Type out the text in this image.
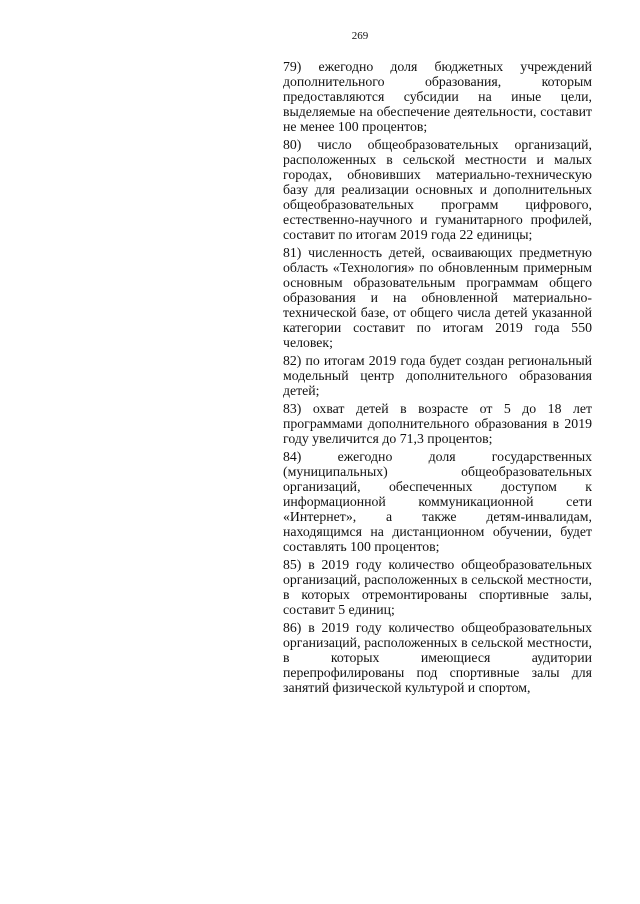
269

79) ежегодно доля бюджетных учреждений дополнительного образования, которым предоставляются субсидии на иные цели, выделяемые на обеспечение деятельности, составит не менее 100 процентов;

80) число общеобразовательных организаций, расположенных в сельской местности и малых городах, обновивших материально-техническую базу для реализации основных и дополнительных общеобразовательных программ цифрового, естественно-научного и гуманитарного профилей, составит по итогам 2019 года 22 единицы;

81) численность детей, осваивающих предметную область «Технология» по обновленным примерным основным образовательным программам общего образования и на обновленной материально-технической базе, от общего числа детей указанной категории составит по итогам 2019 года 550 человек;

82) по итогам 2019 года будет создан региональный модельный центр дополнительного образования детей;

83) охват детей в возрасте от 5 до 18 лет программами дополнительного образования в 2019 году увеличится до 71,3 процентов;

84) ежегодно доля государственных (муниципальных) общеобразовательных организаций, обеспеченных доступом к информационной коммуникационной сети «Интернет», а также детям-инвалидам, находящимся на дистанционном обучении, будет составлять 100 процентов;

85) в 2019 году количество общеобразовательных организаций, расположенных в сельской местности, в которых отремонтированы спортивные залы, составит 5 единиц;

86) в 2019 году количество общеобразовательных организаций, расположенных в сельской местности, в которых имеющиеся аудитории перепрофилированы под спортивные залы для занятий физической культурой и спортом,
